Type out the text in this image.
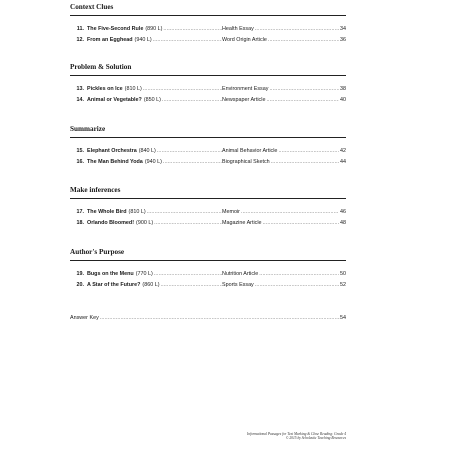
Context Clues
11. The Five-Second Rule (890 L) .....	Health Essay .....	34
12. From an Egghead (940 L) .....	Word Origin Article .....	36
Problem & Solution
13. Pickles on Ice (810 L) .....	Environment Essay .....	38
14. Animal or Vegetable? (850 L) .....	Newspaper Article .....	40
Summarize
15. Elephant Orchestra (840 L) .....	Animal Behavior Article .....	42
16. The Man Behind Yoda (940 L) .....	Biographical Sketch .....	44
Make inferences
17. The Whole Bird (810 L) .....	Memoir .....	46
18. Orlando Bloomed! (900 L) .....	Magazine Article .....	48
Author's Purpose
19. Bugs on the Menu (770 L) .....	Nutrition Article .....	50
20. A Star of the Future? (860 L) .....	Sports Essay .....	52
Answer Key .....	54
Informational Passages for Text Marking & Close Reading: Grade 4
© 2015 by Scholastic Teaching Resources
